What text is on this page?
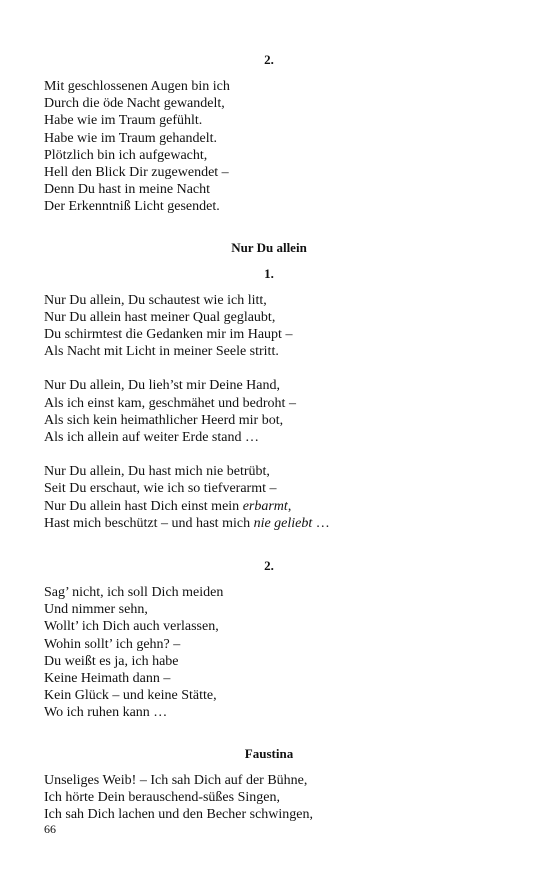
2.
Mit geschlossenen Augen bin ich
Durch die öde Nacht gewandelt,
Habe wie im Traum gefühlt.
Habe wie im Traum gehandelt.
Plötzlich bin ich aufgewacht,
Hell den Blick Dir zugewendet –
Denn Du hast in meine Nacht
Der Erkenntniß Licht gesendet.
Nur Du allein
1.
Nur Du allein, Du schautest wie ich litt,
Nur Du allein hast meiner Qual geglaubt,
Du schirmtest die Gedanken mir im Haupt –
Als Nacht mit Licht in meiner Seele stritt.
Nur Du allein, Du lieh’st mir Deine Hand,
Als ich einst kam, geschmähet und bedroht –
Als sich kein heimathlicher Heerd mir bot,
Als ich allein auf weiter Erde stand …
Nur Du allein, Du hast mich nie betrübt,
Seit Du erschaut, wie ich so tiefverarmt –
Nur Du allein hast Dich einst mein erbarmt,
Hast mich beschützt – und hast mich nie geliebt …
2.
Sag’ nicht, ich soll Dich meiden
Und nimmer sehn,
Wollt’ ich Dich auch verlassen,
Wohin sollt’ ich gehn? –
Du weißt es ja, ich habe
Keine Heimath dann –
Kein Glück – und keine Stätte,
Wo ich ruhen kann …
Faustina
Unseliges Weib! – Ich sah Dich auf der Bühne,
Ich hörte Dein berauschend-süßes Singen,
Ich sah Dich lachen und den Becher schwingen,
66
